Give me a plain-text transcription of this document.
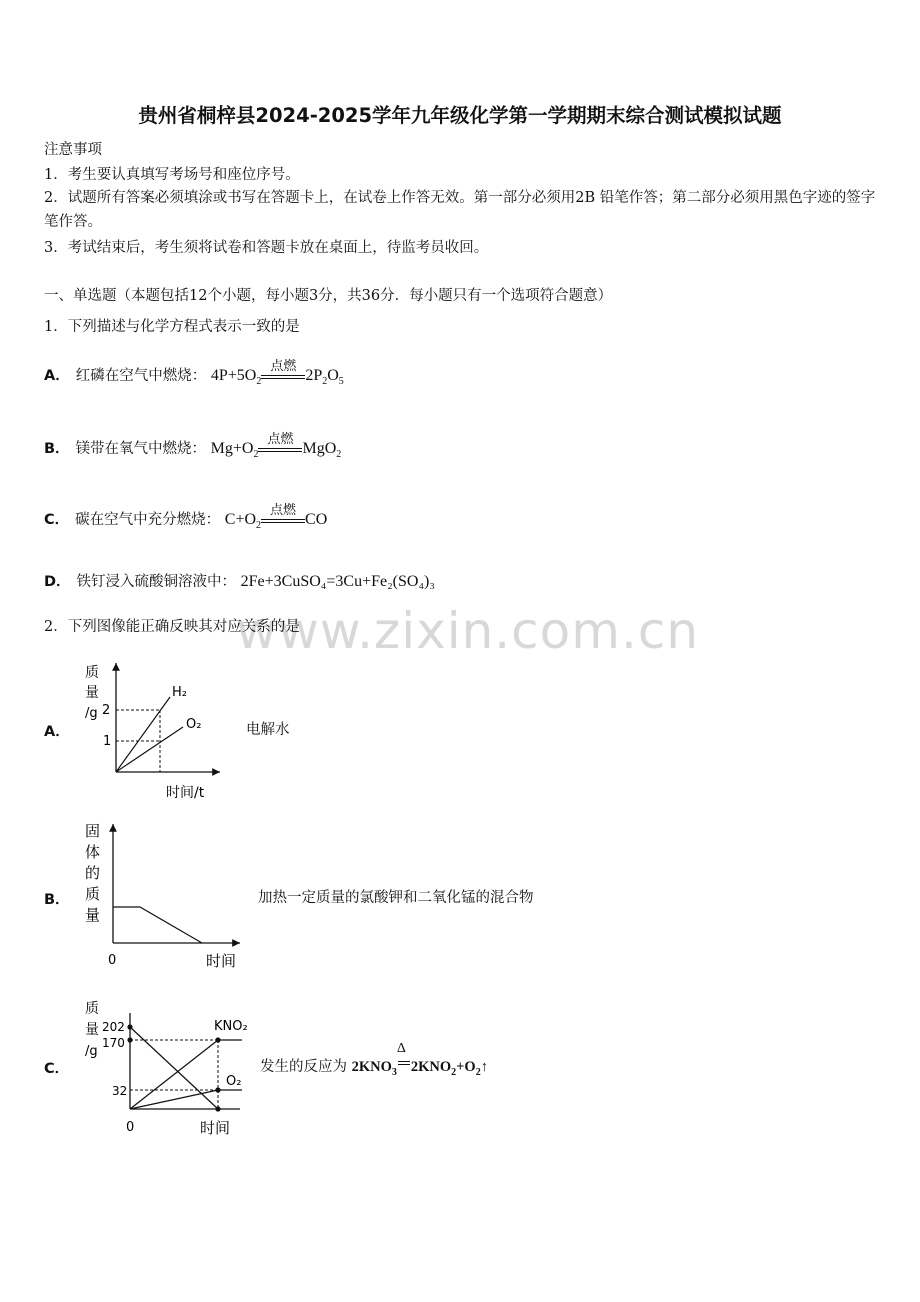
贵州省桐梓县2024-2025学年九年级化学第一学期期末综合测试模拟试题
注意事项
1．考生要认真填写考场号和座位序号。
2．试题所有答案必须填涂或书写在答题卡上，在试卷上作答无效。第一部分必须用2B 铅笔作答；第二部分必须用黑色字迹的签字笔作答。
3．考试结束后，考生须将试卷和答题卡放在桌面上，待监考员收回。
一、单选题（本题包括12个小题，每小题3分，共36分．每小题只有一个选项符合题意）
1．下列描述与化学方程式表示一致的是
A． 红磷在空气中燃烧： $4P+5O_2$
点燃
$2P_2O_5$
B． 镁带在氧气中燃烧： $Mg+O_2$
点燃
MgO$_2$
C． 碳在空气中充分燃烧： $C+O_2$
点燃
CO
D． 铁钉浸入硫酸铜溶液中： 2Fe+3CuSO₄=3Cu+Fe₂(SO₄)₃
www.zixin.com.cn
2．下列图像能正确反映其对应关系的是
A．
质
量
/g 2
1
H₂
O₂
时间/t
电解水
B．
固
体
的
质
量
0	时间
加热一定质量的氯酸钾和二氧化锰的混合物
C．
质
量
/g
202
170
32
KNO₂
O₂
0	时间
发生的反应为 $2KNO_3$
Δ
$2KNO_2+O_2↑$
